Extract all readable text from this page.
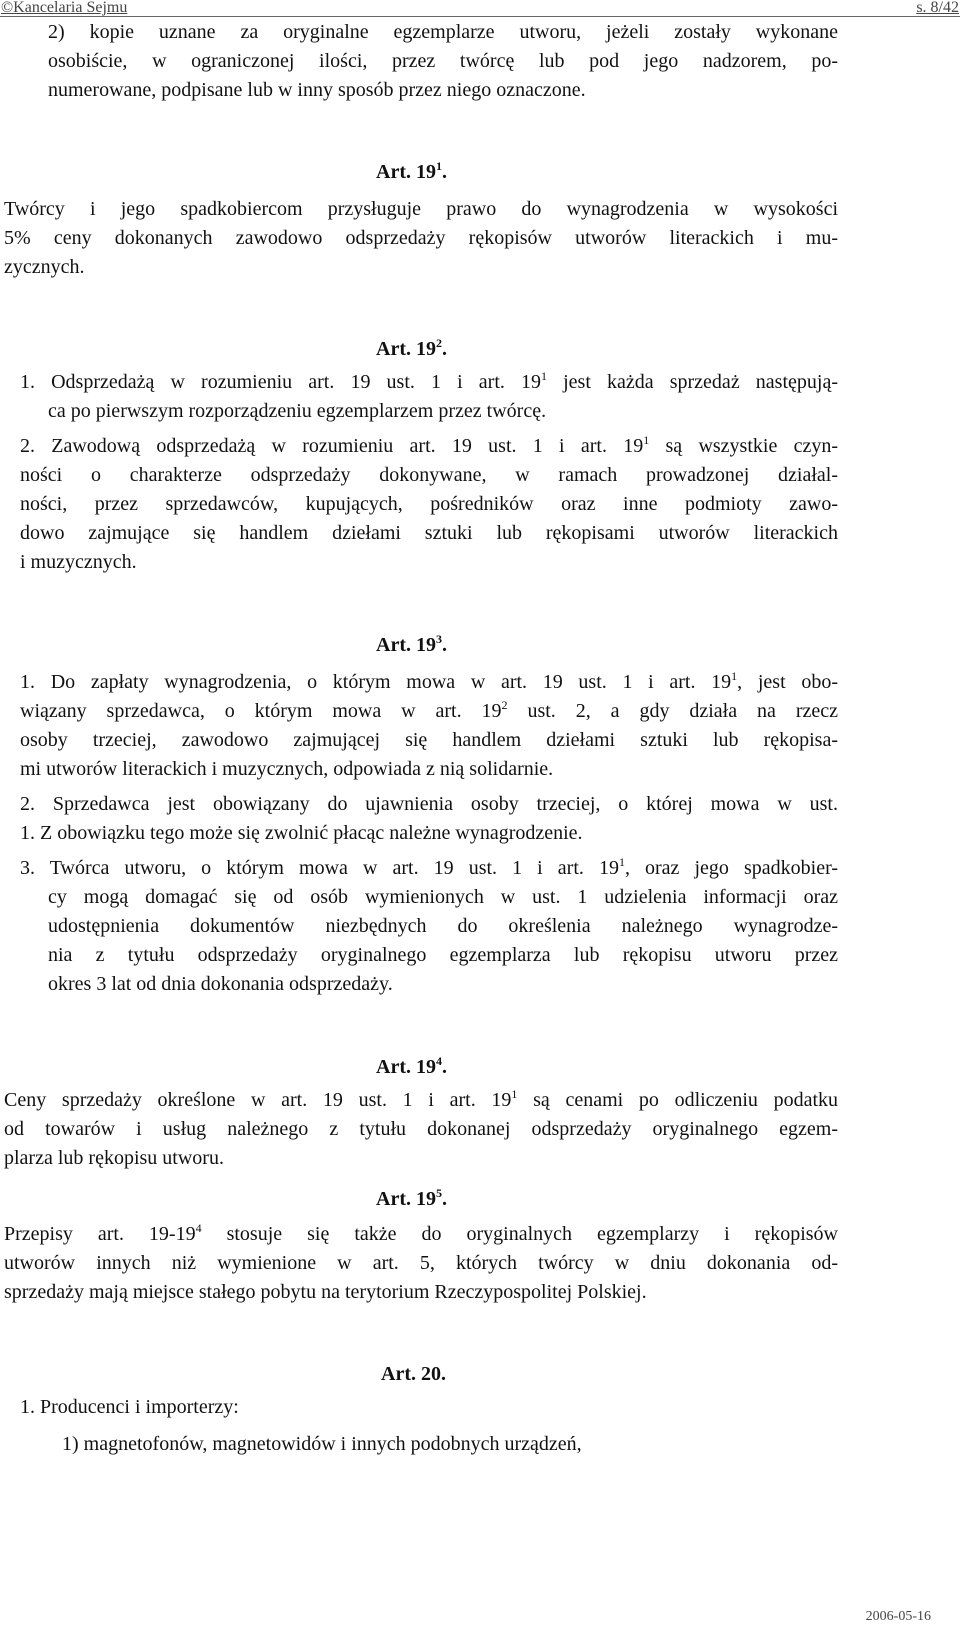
©Kancelaria Sejmu	s. 8/42
2) kopie uznane za oryginalne egzemplarze utworu, jeżeli zostały wykonane
osobiście, w ograniczonej ilości, przez twórcę lub pod jego nadzorem, po-
numerowane, podpisane lub w inny sposób przez niego oznaczone.
Art. $19^1$.
Twórcy i jego spadkobiercom przysługuje prawo do wynagrodzenia w wysokości
5% ceny dokonanych zawodowo odsprzedaży rękopisów utworów literackich i mu-
zycznych.
Art. $19^2$.
1. Odsprzedażą w rozumieniu art. 19 ust. 1 i art. $19^1$ jest każda sprzedaż następują-
ca po pierwszym rozporządzeniu egzemplarzem przez twórcę.
2. Zawodową odsprzedażą w rozumieniu art. 19 ust. 1 i art. $19^1$ są wszystkie czyn-
ności o charakterze odsprzedaży dokonywane, w ramach prowadzonej działal-
ności, przez sprzedawców, kupujących, pośredników oraz inne podmioty zawo-
dowo zajmujące się handlem dziełami sztuki lub rękopisami utworów literackich
i muzycznych.
Art. $19^3$.
1. Do zapłaty wynagrodzenia, o którym mowa w art. 19 ust. 1 i art. $19^1$, jest obo-
wiązany sprzedawca, o którym mowa w art. $19^2$ ust. 2, a gdy działa na rzecz
osoby trzeciej, zawodowo zajmującej się handlem dziełami sztuki lub rękopisa-
mi utworów literackich i muzycznych, odpowiada z nią solidarnie.
2. Sprzedawca jest obowiązany do ujawnienia osoby trzeciej, o której mowa w ust.
1. Z obowiązku tego może się zwolnić płacąc należne wynagrodzenie.
3. Twórca utworu, o którym mowa w art. 19 ust. 1 i art. $19^1$, oraz jego spadkobier-
cy mogą domagać się od osób wymienionych w ust. 1 udzielenia informacji oraz
udostępnienia dokumentów niezbędnych do określenia należnego wynagrodze-
nia z tytułu odsprzedaży oryginalnego egzemplarza lub rękopisu utworu przez
okres 3 lat od dnia dokonania odsprzedaży.
Art. $19^4$.
Ceny sprzedaży określone w art. 19 ust. 1 i art. $19^1$ są cenami po odliczeniu podatku
od towarów i usług należnego z tytułu dokonanej odsprzedaży oryginalnego egzem-
plarza lub rękopisu utworu.
Art. $19^5$.
Przepisy art. $19-19^4$ stosuje się także do oryginalnych egzemplarzy i rękopisów
utworów innych niż wymienione w art. 5, których twórcy w dniu dokonania od-
sprzedaży mają miejsce stałego pobytu na terytorium Rzeczypospolitej Polskiej.
Art. 20.
1. Producenci i importerzy:
1) magnetofonów, magnetowidów i innych podobnych urządzeń,
2006-05-16
